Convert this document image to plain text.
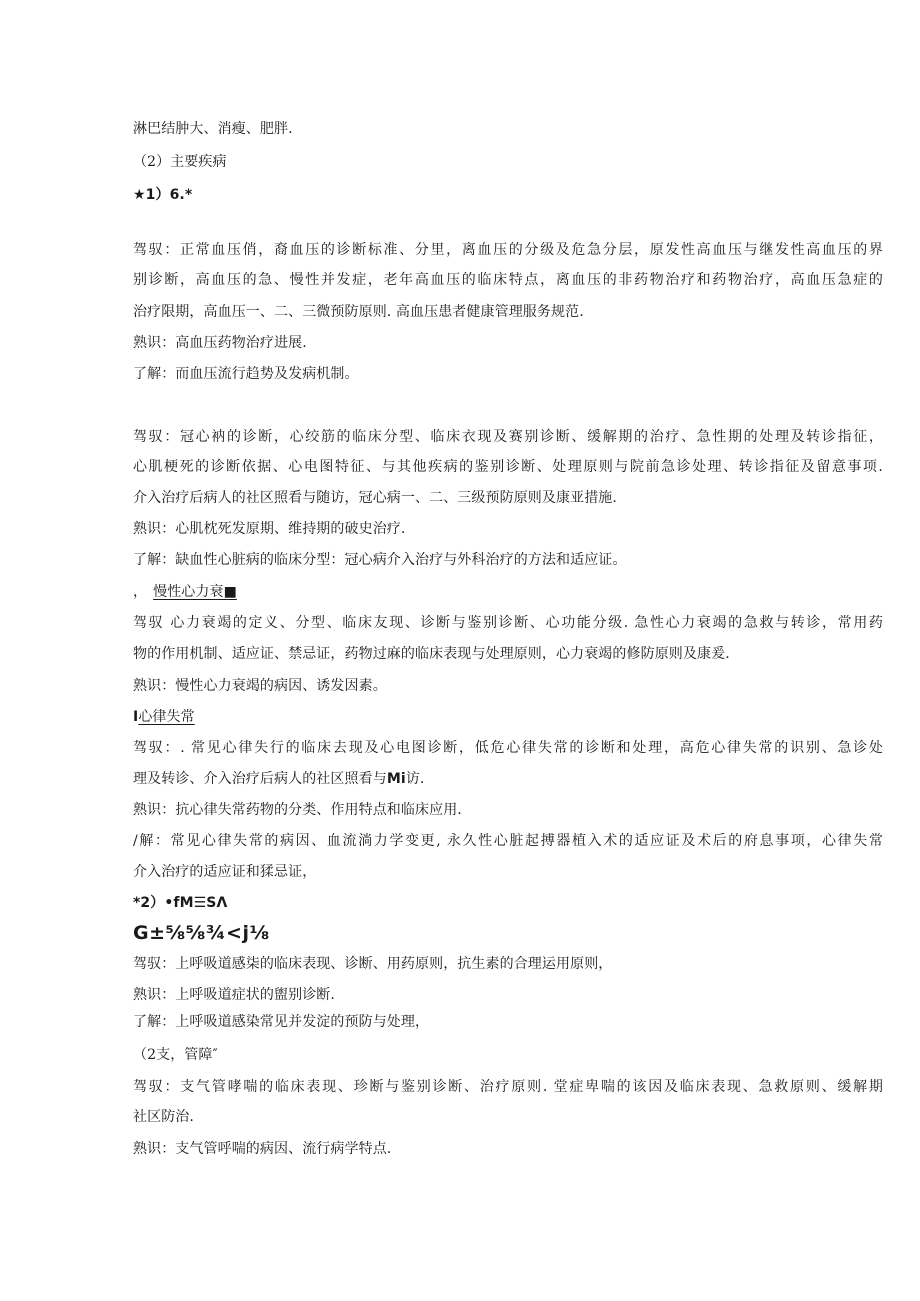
淋巴结肿大、消瘦、肥胖.
（2）主要疾病
★1）6.*
驾驭：正常血压俏，裔血压的诊断标准、分里，离血压的分级及危急分层，原发性高血压与继发性高血压的界
别诊断，高血压的急、慢性并发症，老年高血压的临床特点，离血压的非药物治疗和药物治疗，高血压急症的
治疗限期，高血压一、二、三微预防原则. 高血压患者健康管理服务规范.
熟识：高血压药物治疗进展.
了解：而血压流行趋势及发病机制。
驾驭：冠心衲的诊断，心绞筋的临床分型、临床衣现及赛别诊断、缓解期的治疗、急性期的处理及转诊指征，
心肌梗死的诊断依据、心电图特征、与其他疾病的鉴别诊断、处理原则与院前急诊处理、转诊指征及留意事项.
介入治疗后病人的社区照看与随访，冠心病一、二、三级预防原则及康亚措施.
熟识：心肌枕死发原期、维持期的破史治疗.
了解：缺血性心脏病的临床分型：冠心病介入治疗与外科治疗的方法和适应证。
， 慢性心力衰■
驾驭 心力衰竭的定义、分型、临床友现、诊断与鉴别诊断、心功能分级. 急性心力衰竭的急救与转诊，常用药
物的作用机制、适应证、禁忌证，药物过麻的临床表现与处理原则，心力衰竭的修防原则及康爰.
熟识：慢性心力衰竭的病因、诱发因素。
I心律失常
驾驭：. 常见心律失行的临床去现及心电图诊断，低危心律失常的诊断和处理，高危心律失常的识别、急诊处
理及转诊、介入治疗后病人的社区照看与Mi访.
熟识：抗心律失常药物的分类、作用特点和临床应用.
/解：常见心律失常的病因、血流淌力学变更, 永久性心脏起搏器植入术的适应证及术后的府息事项，心律失常
介入治疗的适应证和猱忌证，
*2）•fM☰SΛ
G±⅝⅝¾<j⅛
驾驭：上呼吸道感柒的临床表现、诊断、用药原则，抗生素的合理运用原则，
熟识：上呼吸道症状的盥别诊断.
了解：上呼吸道感染常见并发淀的预防与处理，
（2支，管障″
驾驭：支气管哮喘的临床表现、珍断与鉴别诊断、治疗原则. 堂症卑喘的该因及临床表现、急救原则、缓解期
社区防治.
熟识：支气管呼喘的病因、流行病学特点.
